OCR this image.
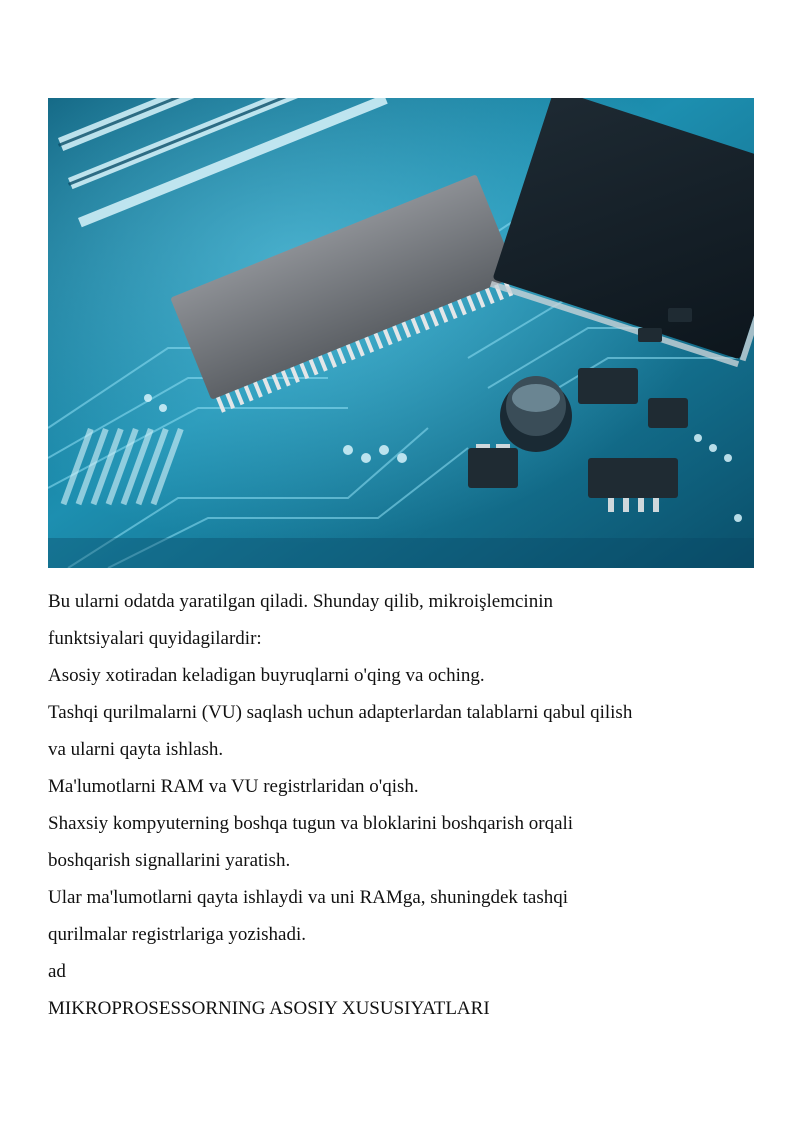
Bu ularni odatda yaratilgan qiladi. Shunday qilib, mikroişlemcinin
funktsiyalari quyidagilardir:
Asosiy xotiradan keladigan buyruqlarni o'qing va oching.
Tashqi qurilmalarni (VU) saqlash uchun adapterlardan talablarni qabul qilish
va ularni qayta ishlash.
Ma'lumotlarni RAM va VU registrlaridan o'qish.
Shaxsiy kompyuterning boshqa tugun va bloklarini boshqarish orqali
boshqarish signallarini yaratish.
Ular ma'lumotlarni qayta ishlaydi va uni RAMga, shuningdek tashqi
qurilmalar registrlariga yozishadi.
ad
MIKROPROSESSORNING ASOSIY XUSUSIYATLARI
